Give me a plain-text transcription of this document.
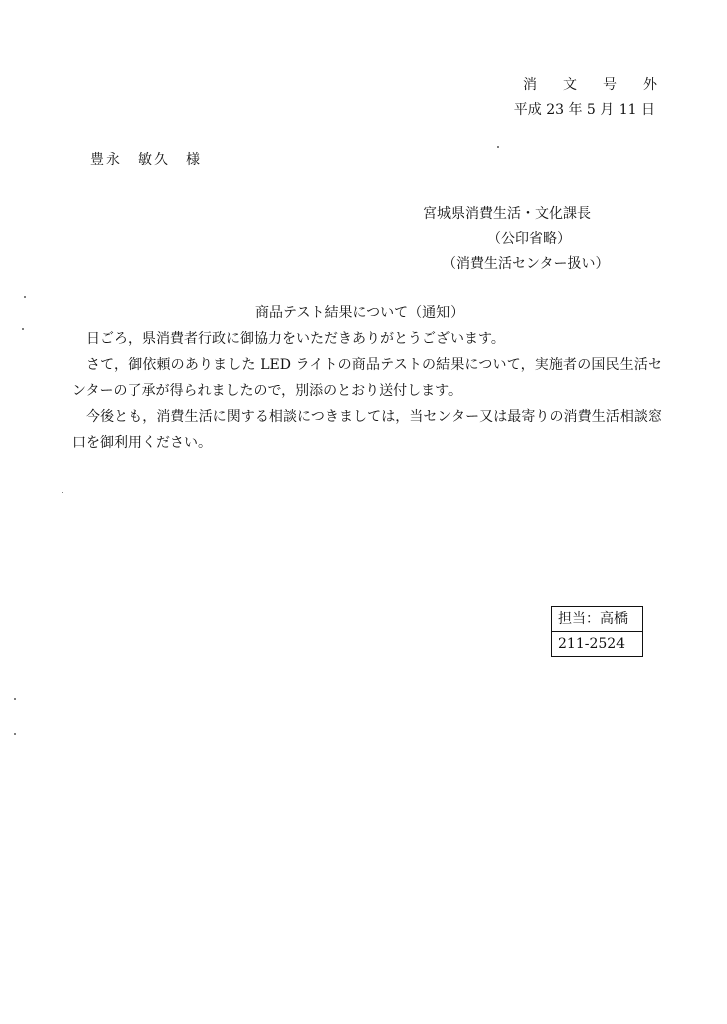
消文号外
平成 23 年 5 月 11 日
豊永　敏久　様
宮城県消費生活・文化課長
（公印省略）
（消費生活センター扱い）
商品テスト結果について（通知）

日ごろ，県消費者行政に御協力をいただきありがとうございます。

さて，御依頼のありました LED ライトの商品テストの結果について，実施者の国民生活センターの了承が得られましたので，別添のとおり送付します。

今後とも，消費生活に関する相談につきましては，当センター又は最寄りの消費生活相談窓口を御利用ください。

担当：高橋
211-2524
